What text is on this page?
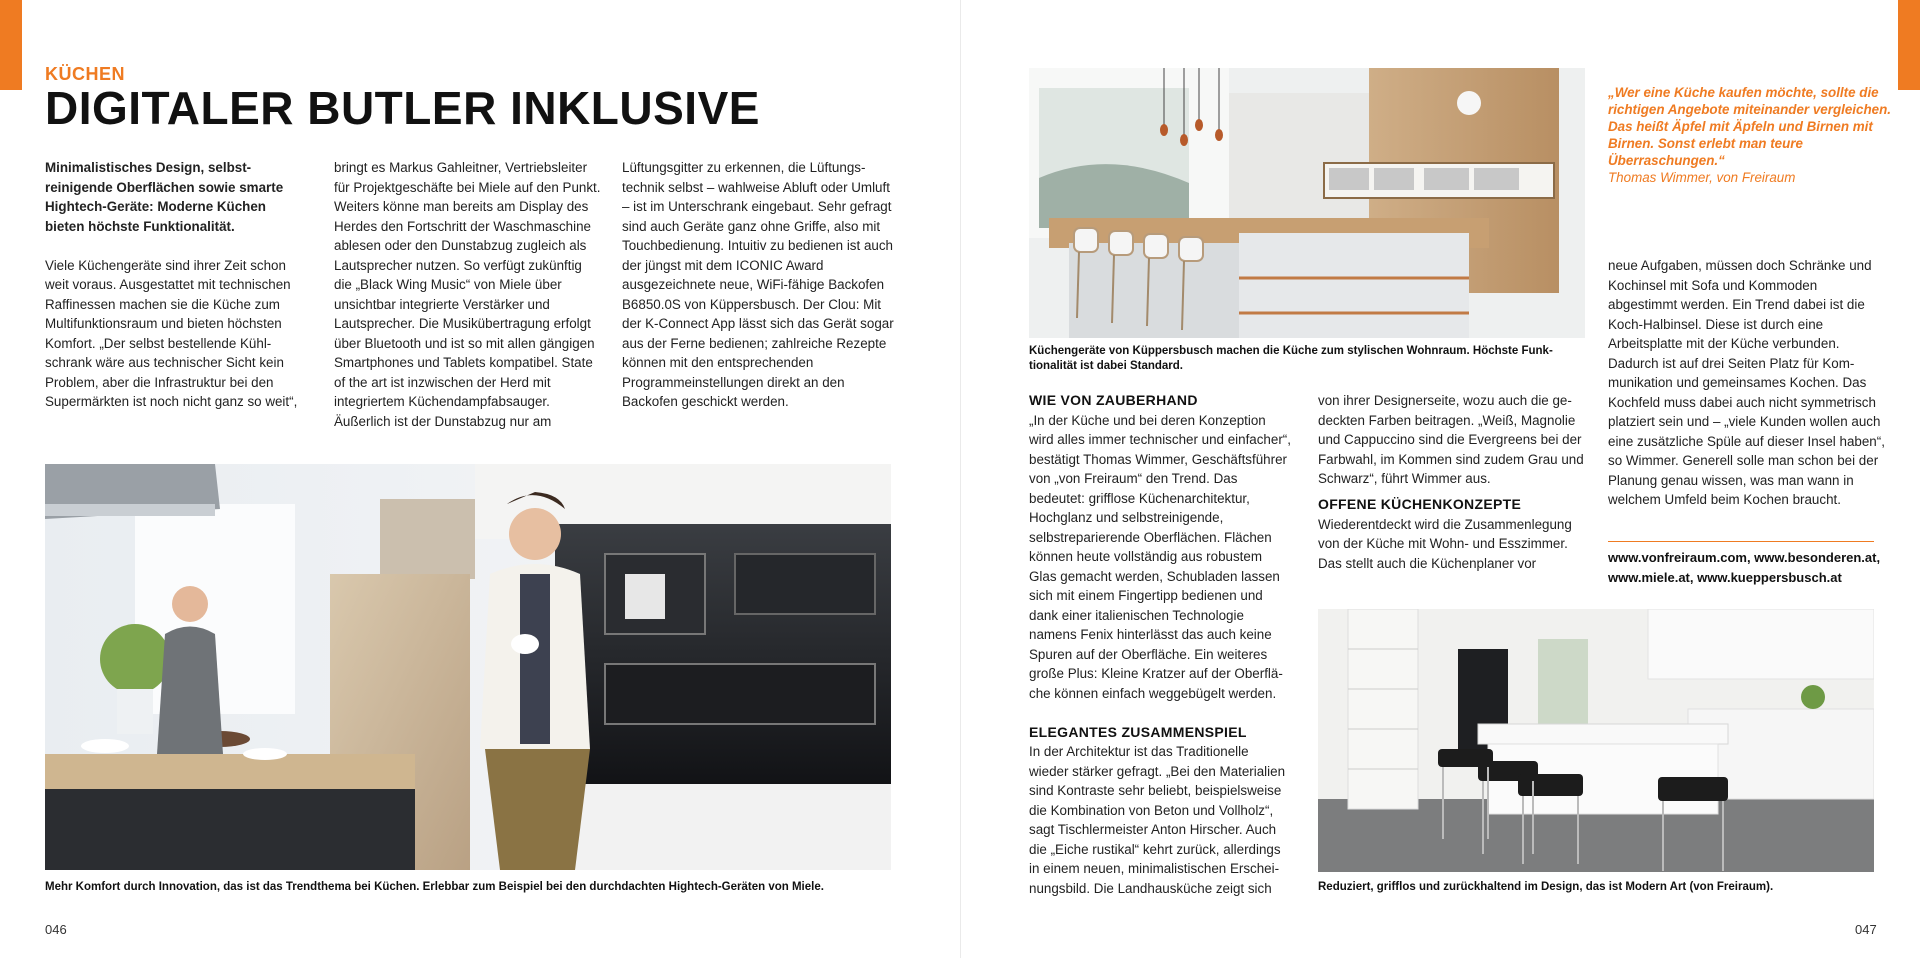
KÜCHEN
DIGITALER BUTLER INKLUSIVE

Minimalistisches Design, selbstreinigende Oberflächen sowie smarte Hightech-Geräte: Moderne Küchen bieten höchste Funktionalität.

Viele Küchengeräte sind ihrer Zeit schon weit voraus. Ausgestattet mit technischen Raffinessen machen sie die Küche zum Multifunktionsraum und bieten höchsten Komfort. „Der selbst bestellende Kühlschrank wäre aus technischer Sicht kein Problem, aber die Infrastruktur bei den Supermärkten ist noch nicht ganz so weit“,

bringt es Markus Gahleitner, Vertriebsleiter für Projektgeschäfte bei Miele auf den Punkt. Weiters könne man bereits am Display des Herdes den Fortschritt der Waschmaschine ablesen oder den Dunstabzug zugleich als Lautsprecher nutzen. So verfügt zukünftig die „Black Wing Music“ von Miele über unsichtbar integrierte Verstärker und Lautsprecher. Die Musikübertragung erfolgt über Bluetooth und ist so mit allen gängigen Smartphones und Tablets kompatibel. State of the art ist inzwischen der Herd mit integriertem Küchendampfabsauger. Äußerlich ist der Dunstabzug nur am

Lüftungsgitter zu erkennen, die Lüftungstechnik selbst – wahlweise Abluft oder Umluft – ist im Unterschrank eingebaut. Sehr gefragt sind auch Geräte ganz ohne Griffe, also mit Touchbedienung. Intuitiv zu bedienen ist auch der jüngst mit dem ICONIC Award ausgezeichnete neue, WiFi-fähige Backofen B6850.0S von Küppersbusch. Der Clou: Mit der K-Connect App lässt sich das Gerät sogar aus der Ferne bedienen; zahlreiche Rezepte können mit den entsprechenden Programmeinstellungen direkt an den Backofen geschickt werden.

Mehr Komfort durch Innovation, das ist das Trendthema bei Küchen. Erlebbar zum Beispiel bei den durchdachten Hightech-Geräten von Miele.
046
Küchengeräte von Küppersbusch machen die Küche zum stylischen Wohnraum. Höchste Funktionalität ist dabei Standard.
„Wer eine Küche kaufen möchte, sollte die richtigen Angebote miteinander vergleichen. Das heißt Äpfel mit Äpfeln und Birnen mit Birnen. Sonst erlebt man teure Überraschungen.“
Thomas Wimmer, von Freiraum
WIE VON ZAUBERHAND

„In der Küche und bei deren Konzeption wird alles immer technischer und einfacher“, bestätigt Thomas Wimmer, Geschäftsführer von „von Freiraum“ den Trend. Das bedeutet: grifflose Küchenarchitektur, Hochglanz und selbstreinigende, selbstreparierende Oberflächen. Flächen können heute vollständig aus robustem Glas gemacht werden, Schubladen lassen sich mit einem Fingertipp bedienen und dank einer italienischen Technologie namens Fenix hinterlässt das auch keine Spuren auf der Oberfläche. Ein weiteres große Plus: Kleine Kratzer auf der Oberfläche können einfach weggebügelt werden.

ELEGANTES ZUSAMMENSPIEL

In der Architektur ist das Traditionelle wieder stärker gefragt. „Bei den Materialien sind Kontraste sehr beliebt, beispielsweise die Kombination von Beton und Vollholz“, sagt Tischlermeister Anton Hirscher. Auch die „Eiche rustikal“ kehrt zurück, allerdings in einem neuen, minimalistischen Erscheinungsbild. Die Landhausküche zeigt sich

von ihrer Designerseite, wozu auch die gedeckten Farben beitragen. „Weiß, Magnolie und Cappuccino sind die Evergreens bei der Farbwahl, im Kommen sind zudem Grau und Schwarz“, führt Wimmer aus.

OFFENE KÜCHENKONZEPTE

Wiederentdeckt wird die Zusammenlegung von der Küche mit Wohn- und Esszimmer. Das stellt auch die Küchenplaner vor

neue Aufgaben, müssen doch Schränke und Kochinsel mit Sofa und Kommoden abgestimmt werden. Ein Trend dabei ist die Koch-Halbinsel. Diese ist durch eine Arbeitsplatte mit der Küche verbunden. Dadurch ist auf drei Seiten Platz für Kommunikation und gemeinsames Kochen. Das Kochfeld muss dabei auch nicht symmetrisch platziert sein und – „viele Kunden wollen auch eine zusätzliche Spüle auf dieser Insel haben“, so Wimmer. Generell solle man schon bei der Planung genau wissen, was man wann in welchem Umfeld beim Kochen braucht.

www.vonfreiraum.com, www.besonderen.at, www.miele.at, www.kueppersbusch.at
Reduziert, grifflos und zurückhaltend im Design, das ist Modern Art (von Freiraum).
047
